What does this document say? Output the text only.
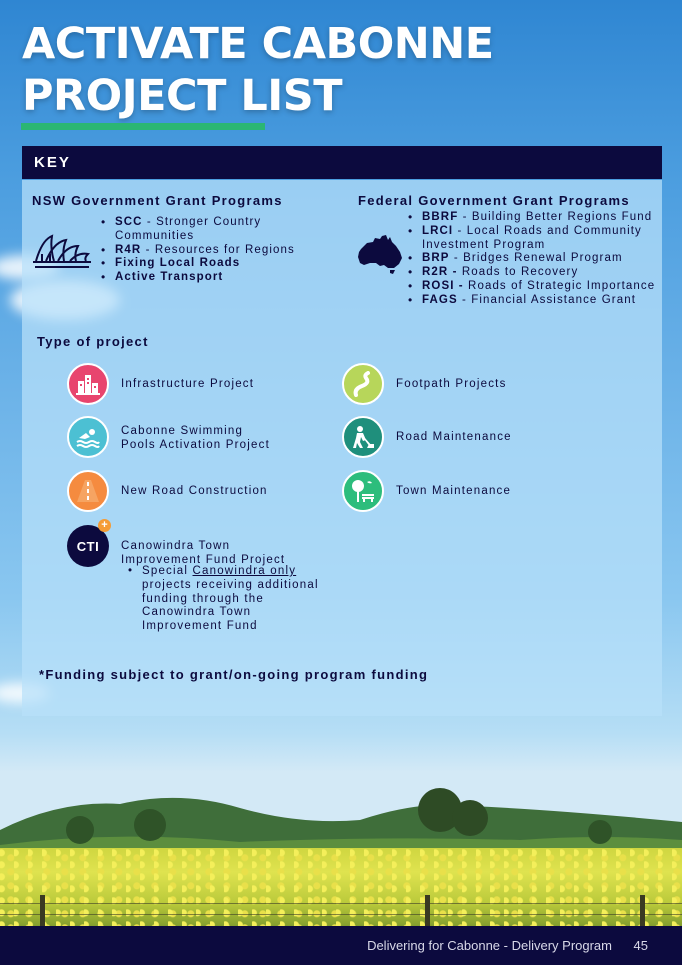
ACTIVATE CABONNE
PROJECT LIST
KEY
NSW Government Grant Programs
• SCC - Stronger Country Communities
• R4R - Resources for Regions
• Fixing Local Roads
• Active Transport
Federal Government Grant Programs
• BBRF - Building Better Regions Fund
• LRCI - Local Roads and Community Investment Program
• BRP - Bridges Renewal Program
• R2R - Roads to Recovery
• ROSI - Roads of Strategic Importance
• FAGS - Financial Assistance Grant
Type of project
Infrastructure Project	Footpath Projects
Cabonne Swimming
Pools Activation Project
Road Maintenance
New Road Construction	Town Maintenance
CTI
+
Canowindra Town
Improvement Fund Project
• Special Canowindra only projects receiving additional funding through the Canowindra Town Improvement Fund
*Funding subject to grant/on-going program funding
Delivering for Cabonne - Delivery Program 45
